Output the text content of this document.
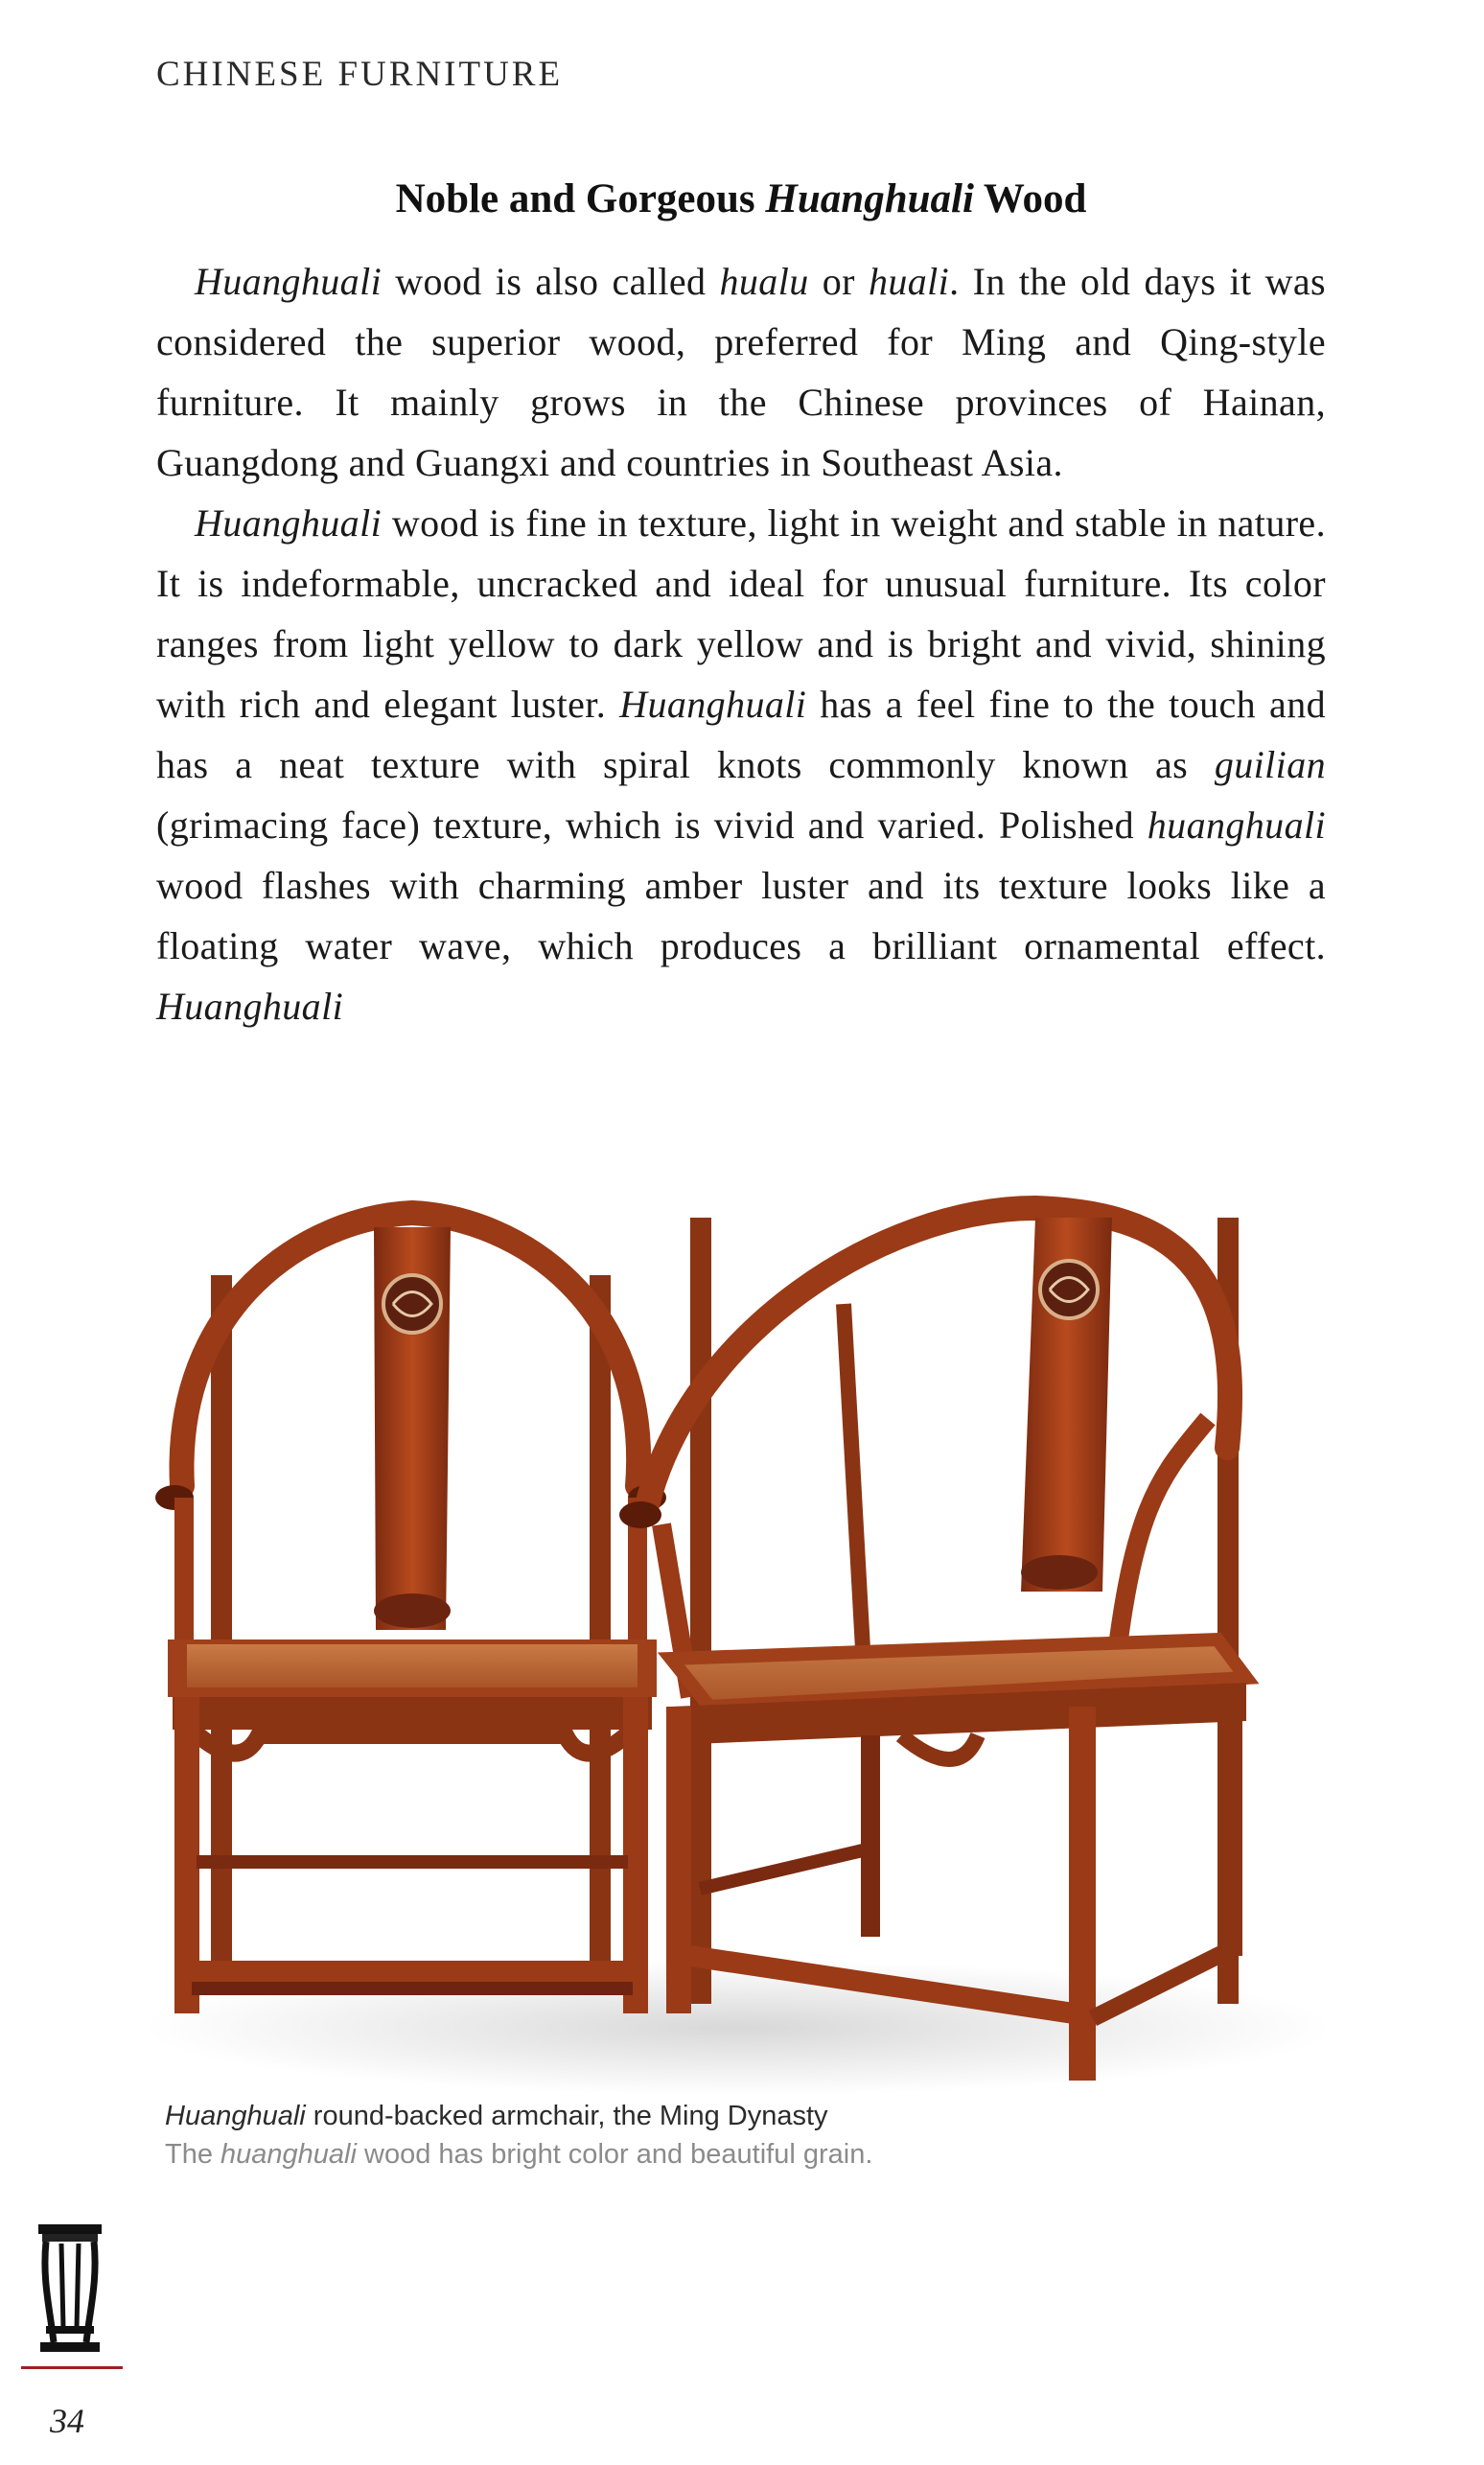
CHINESE FURNITURE
Noble and Gorgeous Huanghuali Wood

Huanghuali wood is also called hualu or huali. In the old days it was considered the superior wood, preferred for Ming and Qing-style furniture. It mainly grows in the Chinese provinces of Hainan, Guangdong and Guangxi and countries in Southeast Asia.

Huanghuali wood is fine in texture, light in weight and stable in nature. It is indeformable, uncracked and ideal for unusual furniture. Its color ranges from light yellow to dark yellow and is bright and vivid, shining with rich and elegant luster. Huanghuali has a feel fine to the touch and has a neat texture with spiral knots commonly known as guilian (grimacing face) texture, which is vivid and varied. Polished huanghuali wood flashes with charming amber luster and its texture looks like a floating water wave, which produces a brilliant ornamental effect. Huanghuali

Huanghuali round-backed armchair, the Ming Dynasty
The huanghuali wood has bright color and beautiful grain.
34
